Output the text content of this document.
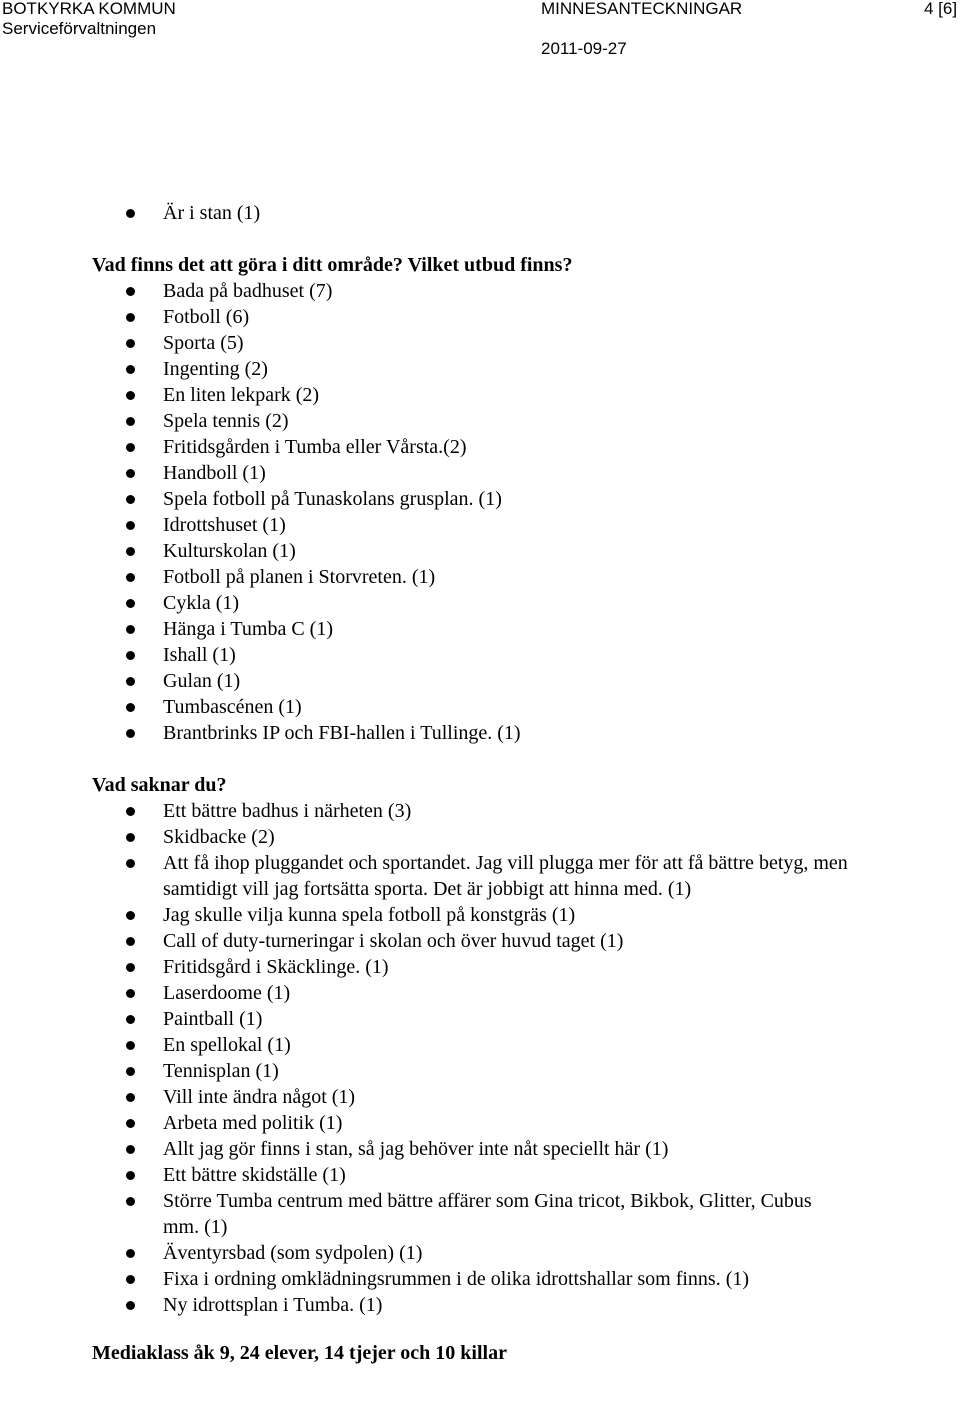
BOTKYRKA KOMMUN
Serviceförvaltningen
MINNESANTECKNINGAR	4 [6]
2011-09-27
Är i stan (1)

Vad finns det att göra i ditt område? Vilket utbud finns?

Bada på badhuset (7)
Fotboll (6)
Sporta (5)
Ingenting (2)
En liten lekpark (2)
Spela tennis (2)
Fritidsgården i Tumba eller Vårsta.(2)
Handboll (1)
Spela fotboll på Tunaskolans grusplan. (1)
Idrottshuset (1)
Kulturskolan (1)
Fotboll på planen i Storvreten. (1)
Cykla (1)
Hänga i Tumba C (1)
Ishall (1)
Gulan (1)
Tumbascénen (1)
Brantbrinks IP och FBI-hallen i Tullinge. (1)

Vad saknar du?

Ett bättre badhus i närheten (3)
Skidbacke (2)
Att få ihop pluggandet och sportandet. Jag vill plugga mer för att få bättre betyg, men samtidigt vill jag fortsätta sporta. Det är jobbigt att hinna med. (1)
Jag skulle vilja kunna spela fotboll på konstgräs (1)
Call of duty-turneringar i skolan och över huvud taget (1)
Fritidsgård i Skäcklinge. (1)
Laserdoome (1)
Paintball (1)
En spellokal (1)
Tennisplan (1)
Vill inte ändra något (1)
Arbeta med politik (1)
Allt jag gör finns i stan, så jag behöver inte nåt speciellt här (1)
Ett bättre skidställe (1)
Större Tumba centrum med bättre affärer som Gina tricot, Bikbok, Glitter, Cubus mm. (1)
Äventyrsbad (som sydpolen) (1)
Fixa i ordning omklädningsrummen i de olika idrottshallar som finns. (1)
Ny idrottsplan i Tumba. (1)

Mediaklass åk 9, 24 elever, 14 tjejer och 10 killar
